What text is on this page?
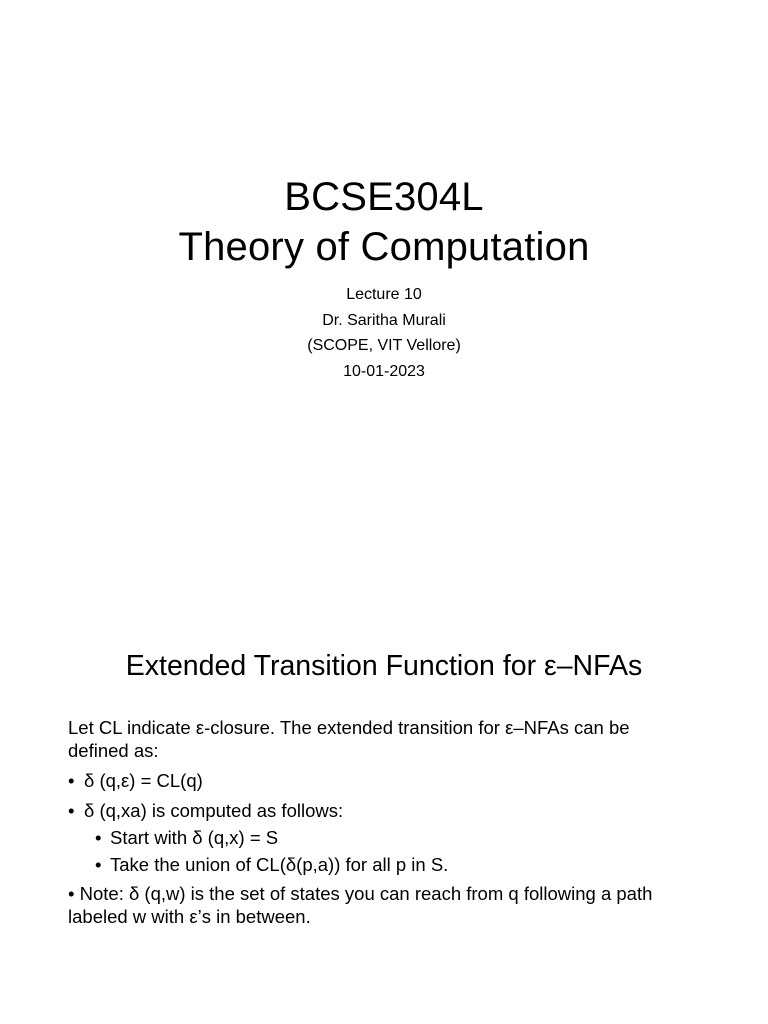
BCSE304L
Theory of Computation
Lecture 10
Dr. Saritha Murali
(SCOPE, VIT Vellore)
10-01-2023
Extended Transition Function for ε–NFAs

Let CL indicate ε-closure. The extended transition for ε–NFAs can be defined as:

• δ (q,ε) = CL(q)
• δ (q,xa) is computed as follows:
• Start with δ (q,x) = S
• Take the union of CL(δ(p,a)) for all p in S.

• Note: δ (q,w) is the set of states you can reach from q following a path labeled w with ε’s in between.
